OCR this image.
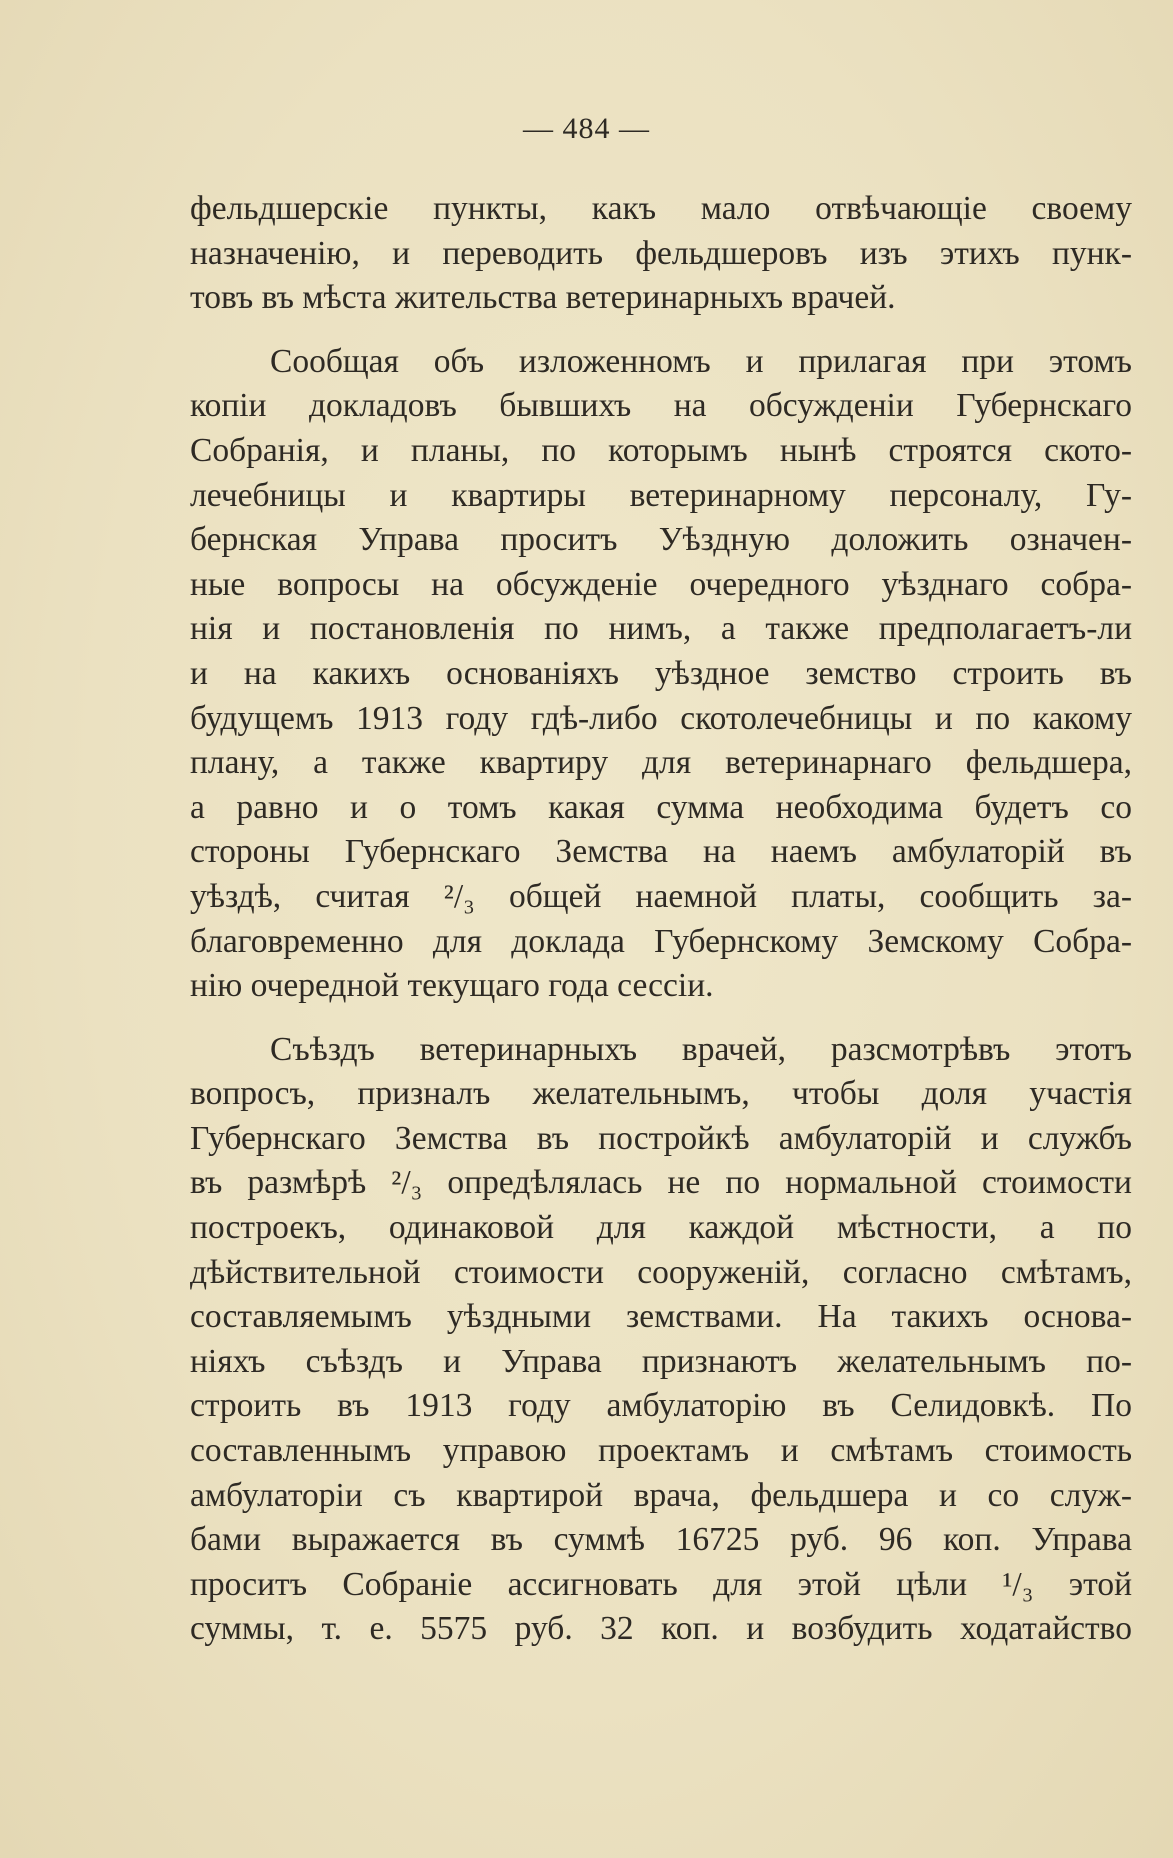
— 484 —
фельдшерскіе пункты, какъ мало отвѣчающіе своему
назначенію, и переводить фельдшеровъ изъ этихъ пунк-
товъ въ мѣста жительства ветеринарныхъ врачей.
Сообщая объ изложенномъ и прилагая при этомъ
копіи докладовъ бывшихъ на обсужденіи Губернскаго
Собранія, и планы, по которымъ нынѣ строятся ското-
лечебницы и квартиры ветеринарному персоналу, Гу-
бернская Управа проситъ Уѣздную доложить означен-
ные вопросы на обсужденіе очередного уѣзднаго собра-
нія и постановленія по нимъ, а также предполагаетъ-ли
и на какихъ основаніяхъ уѣздное земство строить въ
будущемъ 1913 году гдѣ-либо скотолечебницы и по какому
плану, а также квартиру для ветеринарнаго фельдшера,
а равно и о томъ какая сумма необходима будетъ со
стороны Губернскаго Земства на наемъ амбулаторій въ
уѣздѣ, считая ²/₃ общей наемной платы, сообщить за-
благовременно для доклада Губернскому Земскому Собра-
нію очередной текущаго года сессіи.
Съѣздъ ветеринарныхъ врачей, разсмотрѣвъ этотъ
вопросъ, призналъ желательнымъ, чтобы доля участія
Губернскаго Земства въ постройкѣ амбулаторій и службъ
въ размѣрѣ ²/₃ опредѣлялась не по нормальной стоимости
построекъ, одинаковой для каждой мѣстности, а по
дѣйствительной стоимости сооруженій, согласно смѣтамъ,
составляемымъ уѣздными земствами. На такихъ основа-
ніяхъ съѣздъ и Управа признаютъ желательнымъ по-
строить въ 1913 году амбулаторію въ Селидовкѣ. По
составленнымъ управою проектамъ и смѣтамъ стоимость
амбулаторіи съ квартирой врача, фельдшера и со служ-
бами выражается въ суммѣ 16725 руб. 96 коп. Управа
проситъ Собраніе ассигновать для этой цѣли ¹/₃ этой
суммы, т. е. 5575 руб. 32 коп. и возбудить ходатайство
